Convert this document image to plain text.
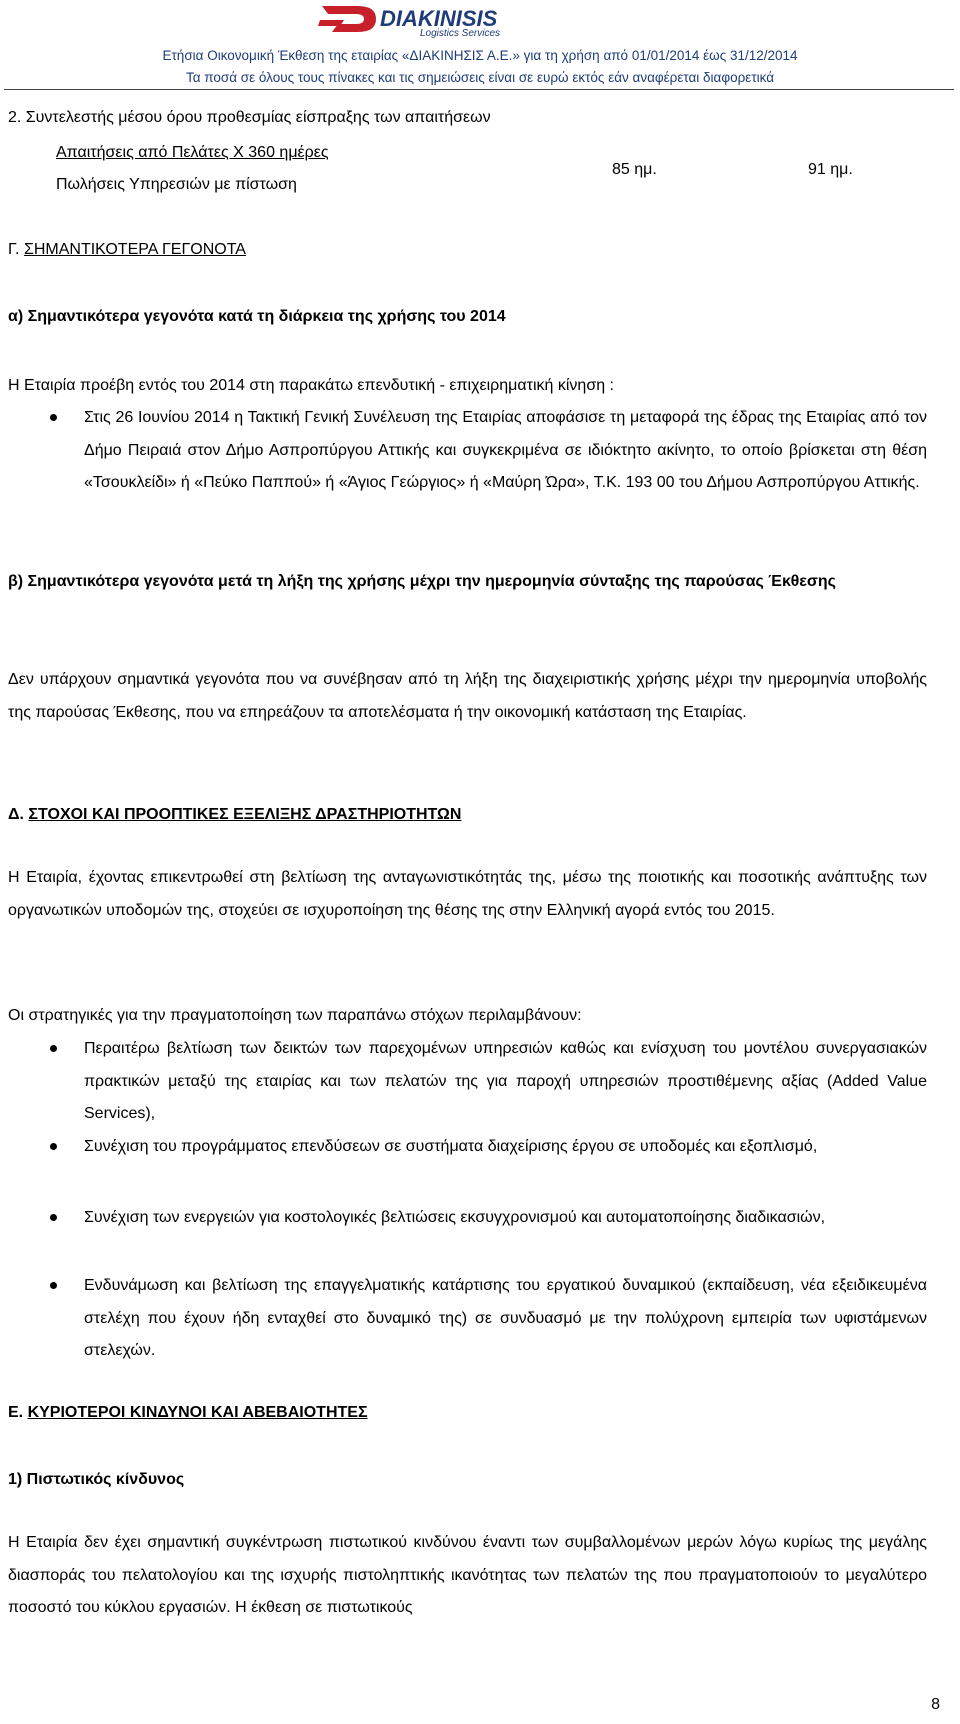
DIAKINISIS
Logistics Services
Ετήσια Οικονομική Έκθεση της εταιρίας «ΔΙΑΚΙΝΗΣΙΣ Α.Ε.» για τη χρήση από 01/01/2014 έως 31/12/2014
Τα ποσά σε όλους τους πίνακες και τις σημειώσεις είναι σε ευρώ εκτός εάν αναφέρεται διαφορετικά
2. Συντελεστής μέσου όρου προθεσμίας είσπραξης των απαιτήσεων
Απαιτήσεις από Πελάτες Χ 360 ημέρες
Πωλήσεις Υπηρεσιών με πίστωση
85 ημ.	91 ημ.
Γ. ΣΗΜΑΝΤΙΚΟΤΕΡΑ ΓΕΓΟΝΟΤΑ
α) Σημαντικότερα γεγονότα κατά τη διάρκεια της χρήσης του 2014
Η Εταιρία προέβη εντός του 2014 στη παρακάτω επενδυτική - επιχειρηματική κίνηση :

Στις 26 Ιουνίου 2014 η Τακτική Γενική Συνέλευση της Εταιρίας αποφάσισε τη μεταφορά της έδρας της Εταιρίας από τον Δήμο Πειραιά στον Δήμο Ασπροπύργου Αττικής και συγκεκριμένα σε ιδιόκτητο ακίνητο, το οποίο βρίσκεται στη θέση «Τσουκλείδι» ή «Πεύκο Παππού» ή «Άγιος Γεώργιος» ή «Μαύρη Ώρα», Τ.Κ. 193 00 του Δήμου Ασπροπύργου Αττικής.

β) Σημαντικότερα γεγονότα μετά τη λήξη της χρήσης μέχρι την ημερομηνία σύνταξης της παρούσας Έκθεσης

Δεν υπάρχουν σημαντικά γεγονότα που να συνέβησαν από τη λήξη της διαχειριστικής χρήσης μέχρι την ημερομηνία υποβολής της παρούσας Έκθεσης, που να επηρεάζουν τα αποτελέσματα ή την οικονομική κατάσταση της Εταιρίας.

Δ. ΣΤΟΧΟΙ ΚΑΙ ΠΡΟΟΠΤΙΚΕΣ ΕΞΕΛΙΞΗΣ ΔΡΑΣΤΗΡΙΟΤΗΤΩΝ

Η Εταιρία, έχοντας επικεντρωθεί στη βελτίωση της ανταγωνιστικότητάς της, μέσω της ποιοτικής και ποσοτικής ανάπτυξης των οργανωτικών υποδομών της, στοχεύει σε ισχυροποίηση της θέσης της στην Ελληνική αγορά εντός του 2015.

Οι στρατηγικές για την πραγματοποίηση των παραπάνω στόχων περιλαμβάνουν:

Περαιτέρω βελτίωση των δεικτών των παρεχομένων υπηρεσιών καθώς και ενίσχυση του μοντέλου συνεργασιακών πρακτικών μεταξύ της εταιρίας και των πελατών της για παροχή υπηρεσιών προστιθέμενης αξίας (Added Value Services),

Συνέχιση του προγράμματος επενδύσεων σε συστήματα διαχείρισης έργου σε υποδομές και εξοπλισμό,

Συνέχιση των ενεργειών για κοστολογικές βελτιώσεις εκσυγχρονισμού και αυτοματοποίησης διαδικασιών,

Ενδυνάμωση και βελτίωση της επαγγελματικής κατάρτισης του εργατικού δυναμικού (εκπαίδευση, νέα εξειδικευμένα στελέχη που έχουν ήδη ενταχθεί στο δυναμικό της) σε συνδυασμό με την πολύχρονη εμπειρία των υφιστάμενων στελεχών.

Ε. ΚΥΡΙΟΤΕΡΟΙ ΚΙΝΔΥΝΟΙ ΚΑΙ ΑΒΕΒΑΙΟΤΗΤΕΣ
1) Πιστωτικός κίνδυνος

Η Εταιρία δεν έχει σημαντική συγκέντρωση πιστωτικού κινδύνου έναντι των συμβαλλομένων μερών λόγω κυρίως της μεγάλης διασποράς του πελατολογίου και της ισχυρής πιστοληπτικής ικανότητας των πελατών της που πραγματοποιούν το μεγαλύτερο ποσοστό του κύκλου εργασιών. Η έκθεση σε πιστωτικούς

8
